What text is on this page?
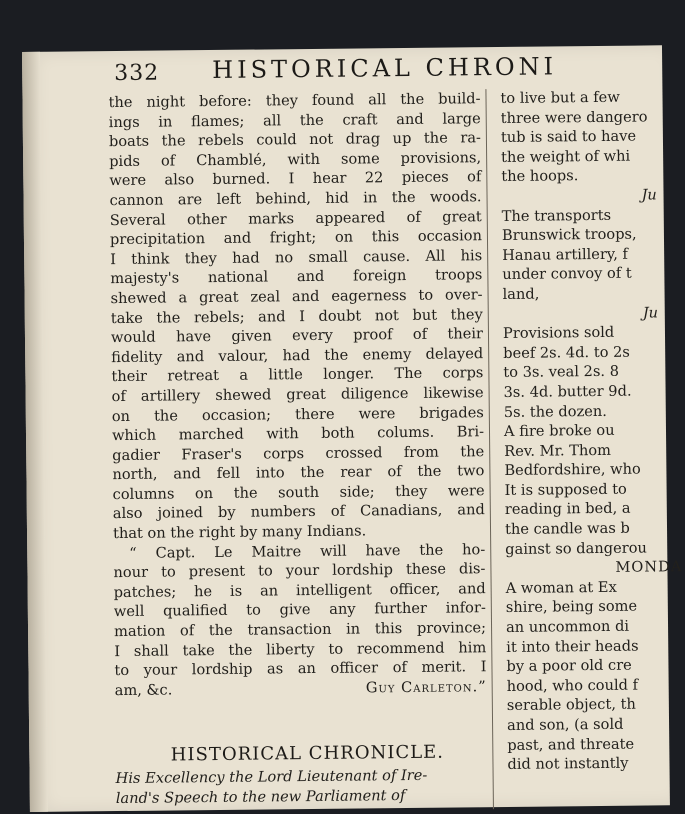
332 HISTORICAL CHRONI
the night before: they found all the build-
ings in flames; all the craft and large
boats the rebels could not drag up the ra-
pids of Chamblé, with some provisions,
were also burned. I hear 22 pieces of
cannon are left behind, hid in the woods.
Several other marks appeared of great
precipitation and fright; on this occasion
I think they had no small cause. All his
majesty's national and foreign troops
shewed a great zeal and eagerness to over-
take the rebels; and I doubt not but they
would have given every proof of their
fidelity and valour, had the enemy delayed
their retreat a little longer. The corps
of artillery shewed great diligence likewise
on the occasion; there were brigades
which marched with both colums. Bri-
gadier Fraser's corps crossed from the
north, and fell into the rear of the two
columns on the south side; they were
also joined by numbers of Canadians, and
that on the right by many Indians.
“ Capt. Le Maitre will have the ho-
nour to present to your lordship these dis-
patches; he is an intelligent officer, and
well qualified to give any further infor-
mation of the transaction in this province;
I shall take the liberty to recommend him
to your lordship as an officer of merit. I
am, &c.	Guy Carleton.”
HISTORICAL CHRONICLE.
His Excellency the Lord Lieutenant of Ire-
land's Speech to the new Parliament of
to live but a few
three were dangero
tub is said to have
the weight of whi
the hoops.
Ju
The transports
Brunswick troops,
Hanau artillery, f
under convoy of t
land,
Ju
Provisions sold
beef 2s. 4d. to 2s
to 3s. veal 2s. 8
3s. 4d. butter 9d.
5s. the dozen.
A fire broke ou
Rev. Mr. Thom
Bedfordshire, who
It is supposed to
reading in bed, a
the candle was b
gainst so dangerou
MONDA
A woman at Ex
shire, being some
an uncommon di
it into their heads
by a poor old cre
hood, who could f
serable object, th
and son, (a sold
past, and threate
did not instantly
